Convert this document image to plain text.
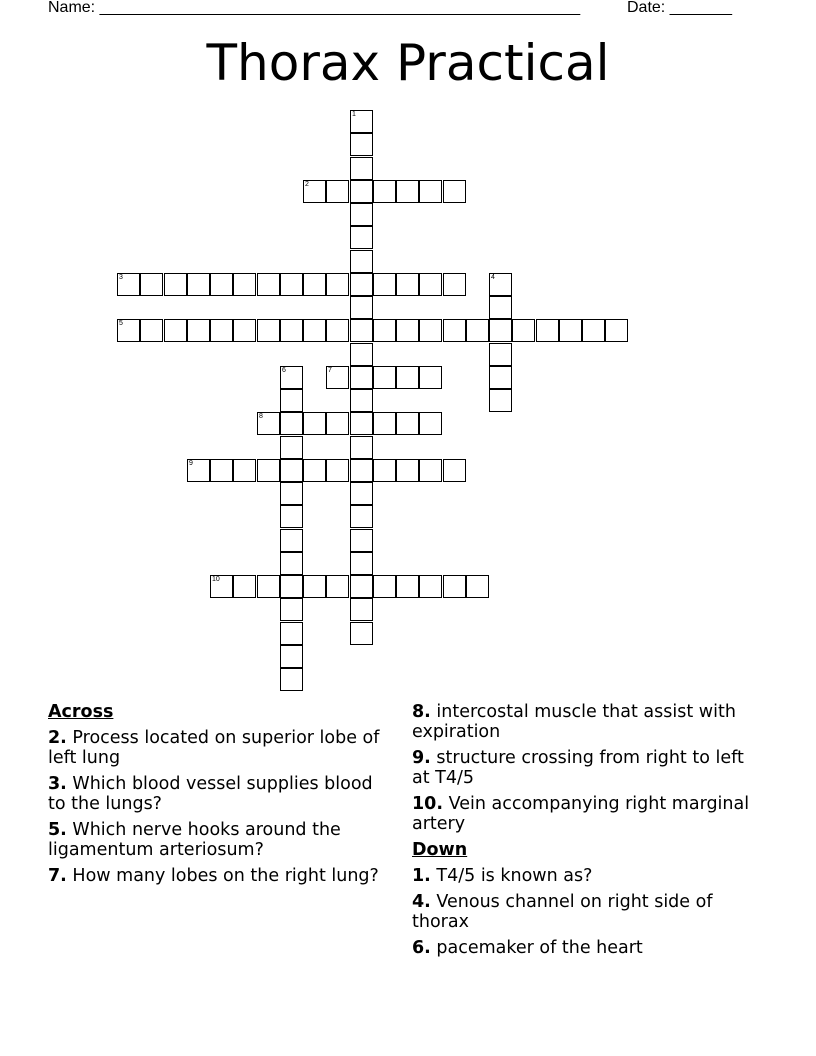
Name: ______________________________________________________	Date: _______
Thorax Practical
1
2
3	4
5
6	7
8
9
10
Across
2. Process located on superior lobe of left lung
3. Which blood vessel supplies blood to the lungs?
5. Which nerve hooks around the ligamentum arteriosum?
7. How many lobes on the right lung?
8. intercostal muscle that assist with expiration
9. structure crossing from right to left at T4/5
10. Vein accompanying right marginal artery
Down
1. T4/5 is known as?
4. Venous channel on right side of thorax
6. pacemaker of the heart
